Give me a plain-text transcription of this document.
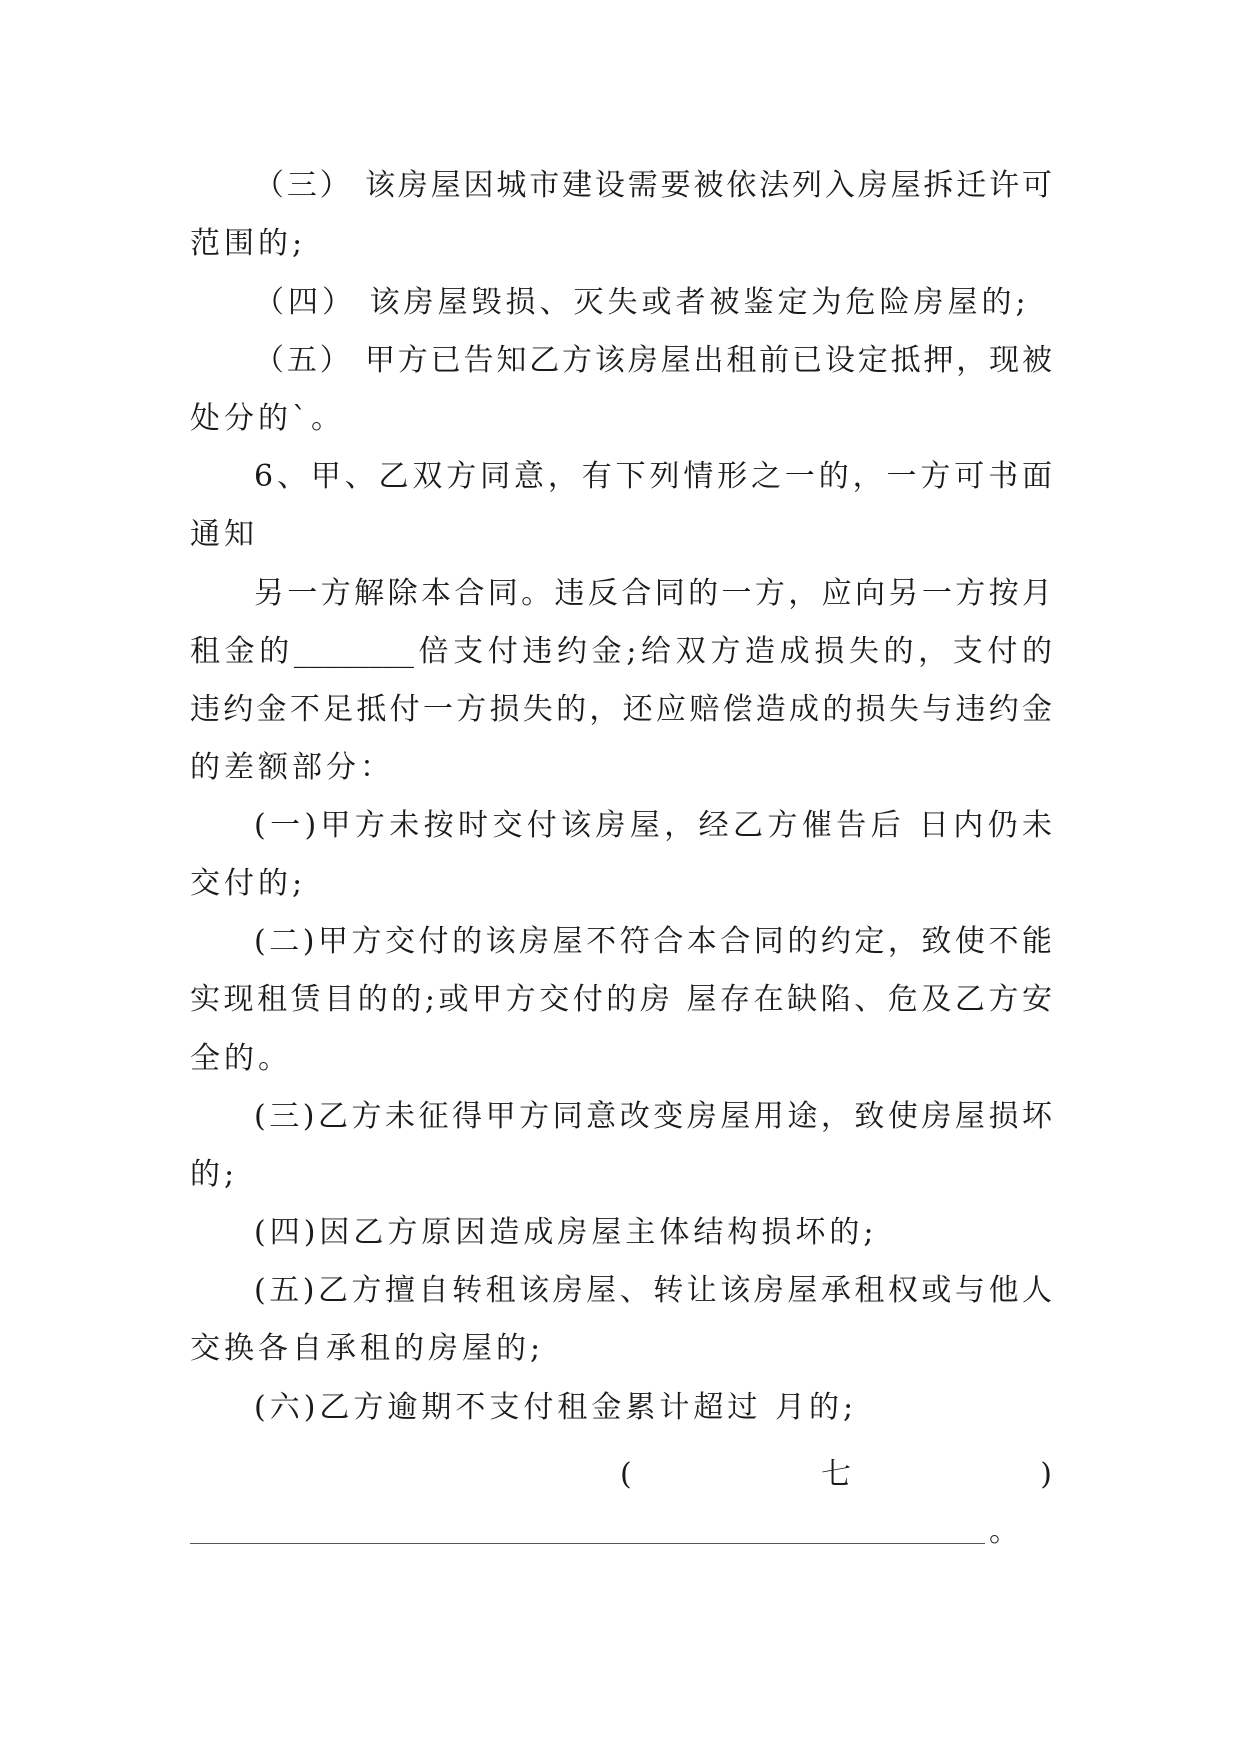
（三） 该房屋因城市建设需要被依法列入房屋拆迁许可

范围的;

（四） 该房屋毁损、灭失或者被鉴定为危险房屋的;

（五） 甲方已告知乙方该房屋出租前已设定抵押，现被

处分的`。

6、甲、乙双方同意，有下列情形之一的，一方可书面

通知

另一方解除本合同。违反合同的一方，应向另一方按月

租金的________倍支付违约金;给双方造成损失的，支付的

违约金不足抵付一方损失的，还应赔偿造成的损失与违约金

的差额部分：

(一)甲方未按时交付该房屋，经乙方催告后 日内仍未

交付的;

(二)甲方交付的该房屋不符合本合同的约定，致使不能

实现租赁目的的;或甲方交付的房 屋存在缺陷、危及乙方安

全的。

(三)乙方未征得甲方同意改变房屋用途，致使房屋损坏

的;

(四)因乙方原因造成房屋主体结构损坏的;

(五)乙方擅自转租该房屋、转让该房屋承租权或与他人

交换各自承租的房屋的;

(六)乙方逾期不支付租金累计超过 月的;

(	七	)
。
